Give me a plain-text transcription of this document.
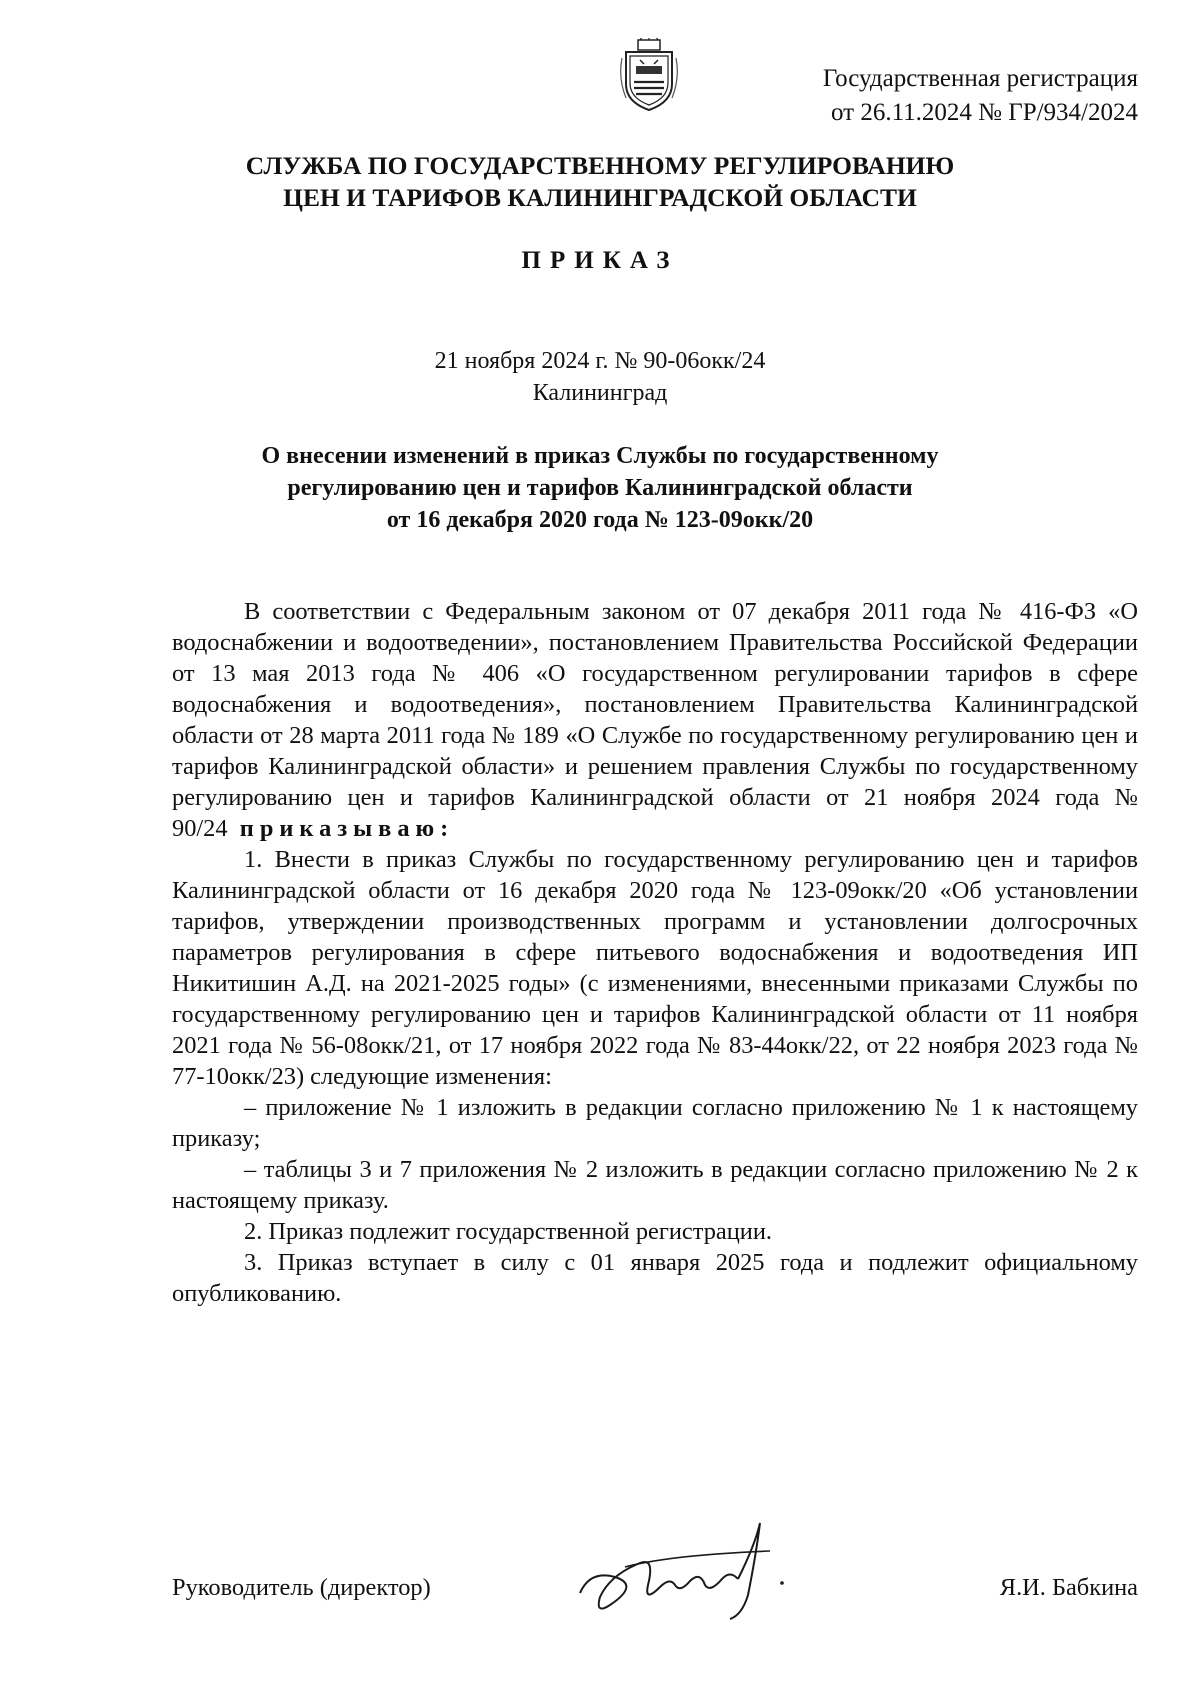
Государственная регистрация
от 26.11.2024 № ГР/934/2024
СЛУЖБА ПО ГОСУДАРСТВЕННОМУ РЕГУЛИРОВАНИЮ
ЦЕН И ТАРИФОВ КАЛИНИНГРАДСКОЙ ОБЛАСТИ
ПРИКАЗ
21 ноября 2024 г. № 90-06окк/24
Калининград
О внесении изменений в приказ Службы по государственному
регулированию цен и тарифов Калининградской области
от 16 декабря 2020 года № 123-09окк/20

В соответствии с Федеральным законом от 07 декабря 2011 года № 416-ФЗ «О водоснабжении и водоотведении», постановлением Правительства Российской Федерации от 13 мая 2013 года № 406 «О государственном регулировании тарифов в сфере водоснабжения и водоотведения», постановлением Правительства Калининградской области от 28 марта 2011 года № 189 «О Службе по государственному регулированию цен и тарифов Калининградской области» и решением правления Службы по государственному регулированию цен и тарифов Калининградской области от 21 ноября 2024 года № 90/24 приказываю:

1. Внести в приказ Службы по государственному регулированию цен и тарифов Калининградской области от 16 декабря 2020 года № 123-09окк/20 «Об установлении тарифов, утверждении производственных программ и установлении долгосрочных параметров регулирования в сфере питьевого водоснабжения и водоотведения ИП Никитишин А.Д. на 2021-2025 годы» (с изменениями, внесенными приказами Службы по государственному регулированию цен и тарифов Калининградской области от 11 ноября 2021 года № 56-08окк/21, от 17 ноября 2022 года № 83-44окк/22, от 22 ноября 2023 года № 77-10окк/23) следующие изменения:

– приложение № 1 изложить в редакции согласно приложению № 1 к настоящему приказу;

– таблицы 3 и 7 приложения № 2 изложить в редакции согласно приложению № 2 к настоящему приказу.

2. Приказ подлежит государственной регистрации.

3. Приказ вступает в силу с 01 января 2025 года и подлежит официальному опубликованию.

Руководитель (директор)	Я.И. Бабкина
